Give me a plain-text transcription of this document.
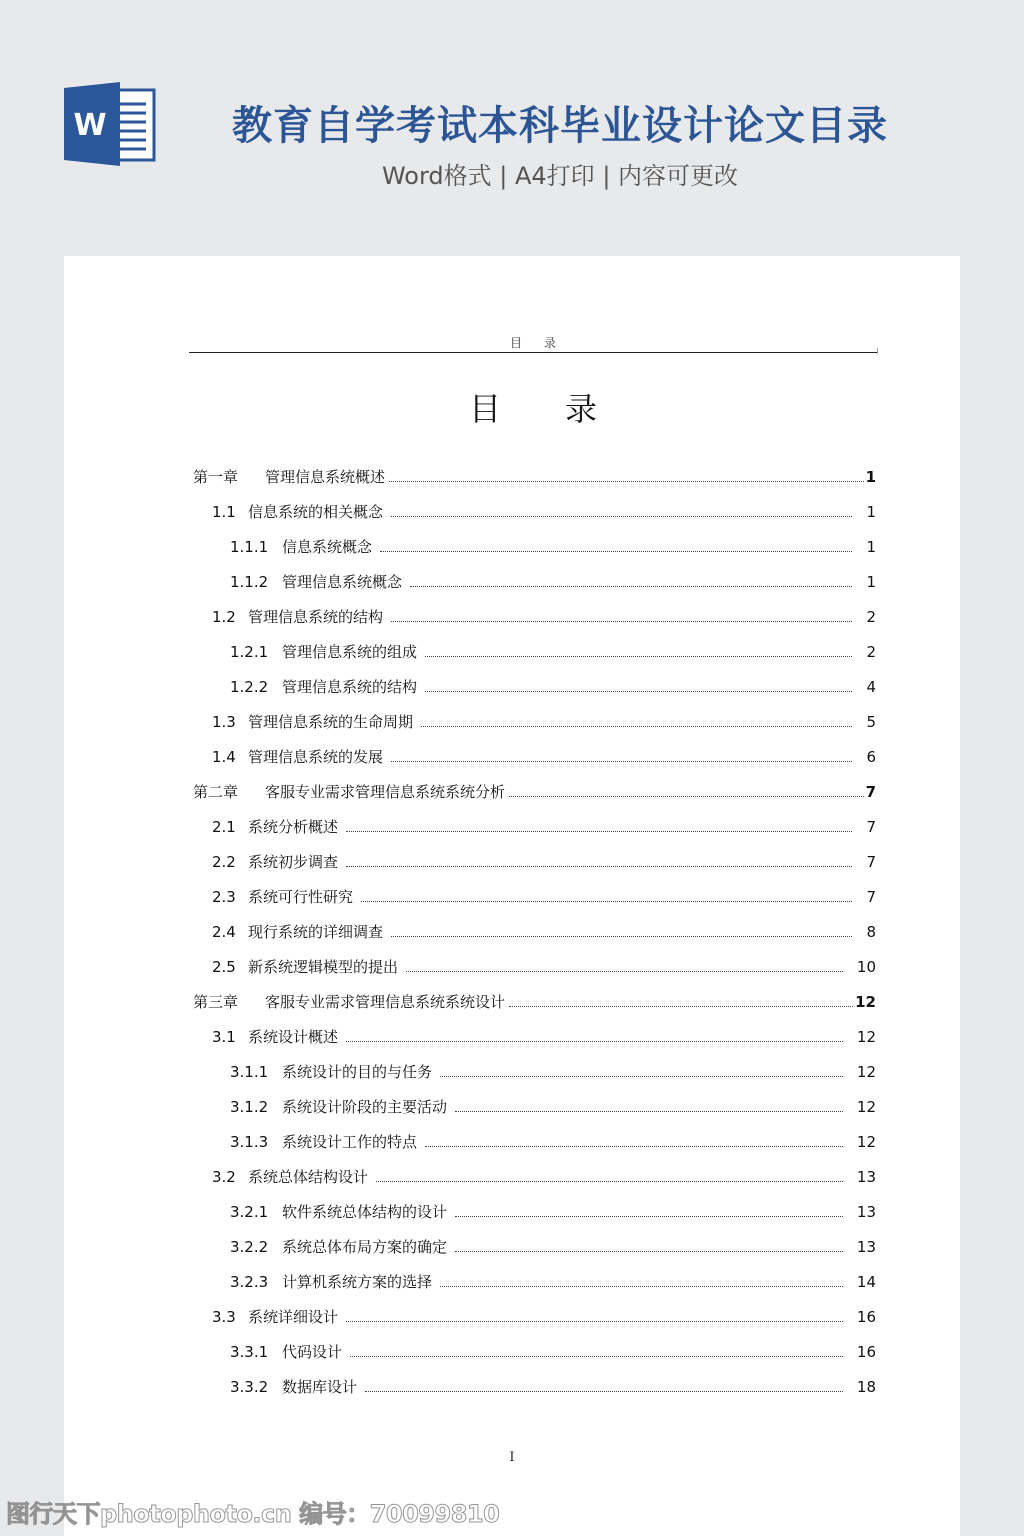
W	教育自学考试本科毕业设计论文目录
Word格式 | A4打印 | 内容可更改
目录
目录
第一章	管理信息系统概述	1
1.1 信息系统的相关概念	1
1.1.1 信息系统概念	1
1.1.2 管理信息系统概念	1
1.2 管理信息系统的结构	2
1.2.1 管理信息系统的组成	2
1.2.2 管理信息系统的结构	4
1.3 管理信息系统的生命周期	5
1.4 管理信息系统的发展	6
第二章	客服专业需求管理信息系统系统分析	7
2.1 系统分析概述	7
2.2 系统初步调查	7
2.3 系统可行性研究	7
2.4 现行系统的详细调查	8
2.5 新系统逻辑模型的提出	10
第三章	客服专业需求管理信息系统系统设计	12
3.1 系统设计概述	12
3.1.1 系统设计的目的与任务	12
3.1.2 系统设计阶段的主要活动	12
3.1.3 系统设计工作的特点	12
3.2 系统总体结构设计	13
3.2.1 软件系统总体结构的设计	13
3.2.2 系统总体布局方案的确定	13
3.2.3 计算机系统方案的选择	14
3.3 系统详细设计	16
3.3.1 代码设计	16
3.3.2 数据库设计	18
I
图行天下photophoto.cn 编号：70099810
